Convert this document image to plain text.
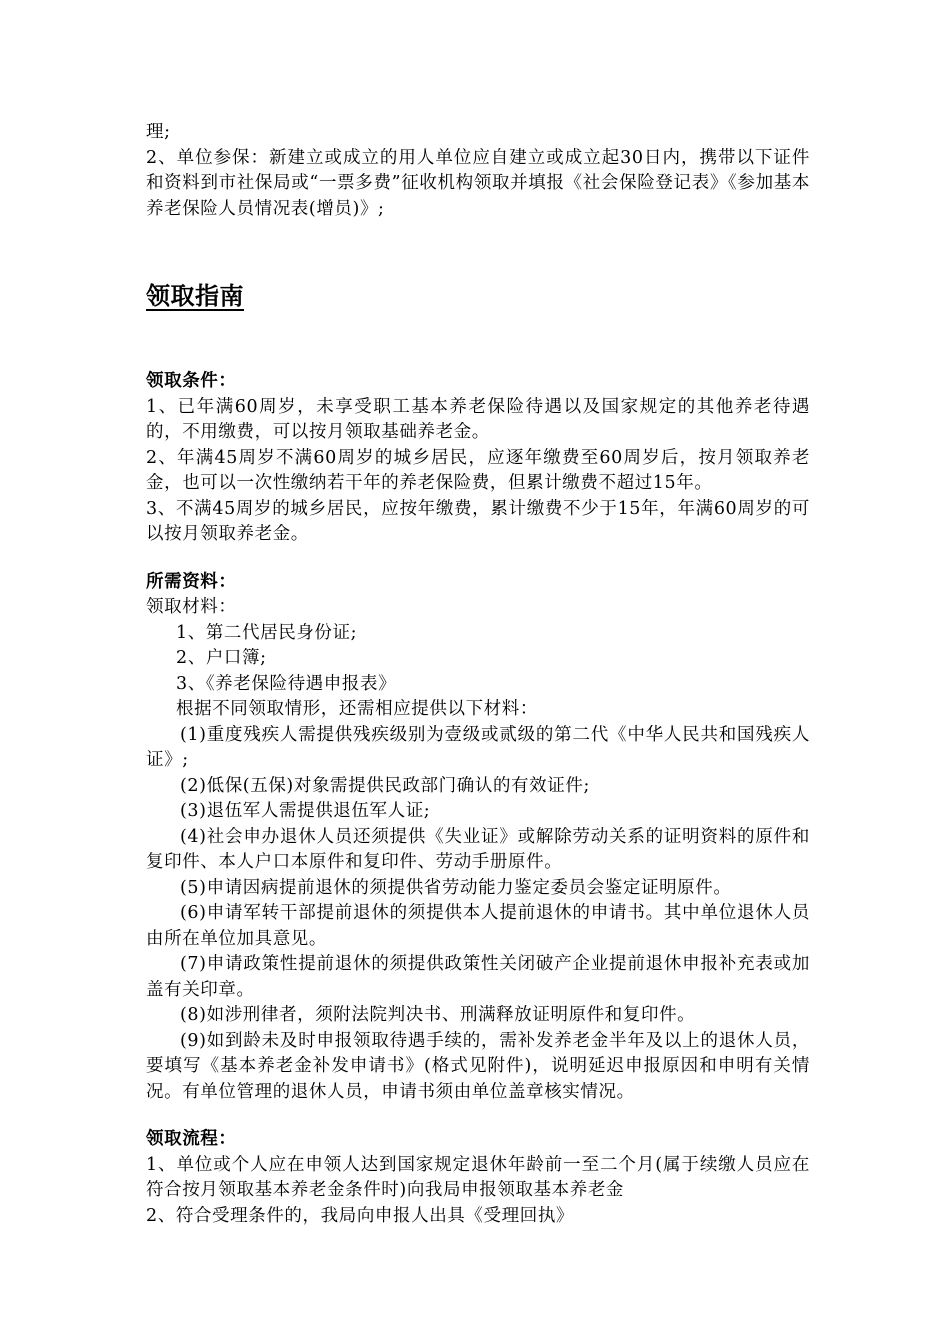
理;

2、单位参保：新建立或成立的用人单位应自建立或成立起30日内，携带以下证件和资料到市社保局或“一票多费”征收机构领取并填报《社会保险登记表》《参加基本养老保险人员情况表(增员)》;

领取指南

领取条件：

1、已年满60周岁，未享受职工基本养老保险待遇以及国家规定的其他养老待遇的，不用缴费，可以按月领取基础养老金。

2、年满45周岁不满60周岁的城乡居民，应逐年缴费至60周岁后，按月领取养老金，也可以一次性缴纳若干年的养老保险费，但累计缴费不超过15年。

3、不满45周岁的城乡居民，应按年缴费，累计缴费不少于15年，年满60周岁的可以按月领取养老金。

所需资料：

领取材料：

1、第二代居民身份证;

2、户口簿;

3、《养老保险待遇申报表》

根据不同领取情形，还需相应提供以下材料：

(1)重度残疾人需提供残疾级别为壹级或贰级的第二代《中华人民共和国残疾人证》;

(2)低保(五保)对象需提供民政部门确认的有效证件;

(3)退伍军人需提供退伍军人证;

(4)社会申办退休人员还须提供《失业证》或解除劳动关系的证明资料的原件和复印件、本人户口本原件和复印件、劳动手册原件。

(5)申请因病提前退休的须提供省劳动能力鉴定委员会鉴定证明原件。

(6)申请军转干部提前退休的须提供本人提前退休的申请书。其中单位退休人员由所在单位加具意见。

(7)申请政策性提前退休的须提供政策性关闭破产企业提前退休申报补充表或加盖有关印章。

(8)如涉刑律者，须附法院判决书、刑满释放证明原件和复印件。

(9)如到龄未及时申报领取待遇手续的，需补发养老金半年及以上的退休人员，要填写《基本养老金补发申请书》(格式见附件)，说明延迟申报原因和申明有关情况。有单位管理的退休人员，申请书须由单位盖章核实情况。

领取流程：

1、单位或个人应在申领人达到国家规定退休年龄前一至二个月(属于续缴人员应在符合按月领取基本养老金条件时)向我局申报领取基本养老金

2、符合受理条件的，我局向申报人出具《受理回执》
